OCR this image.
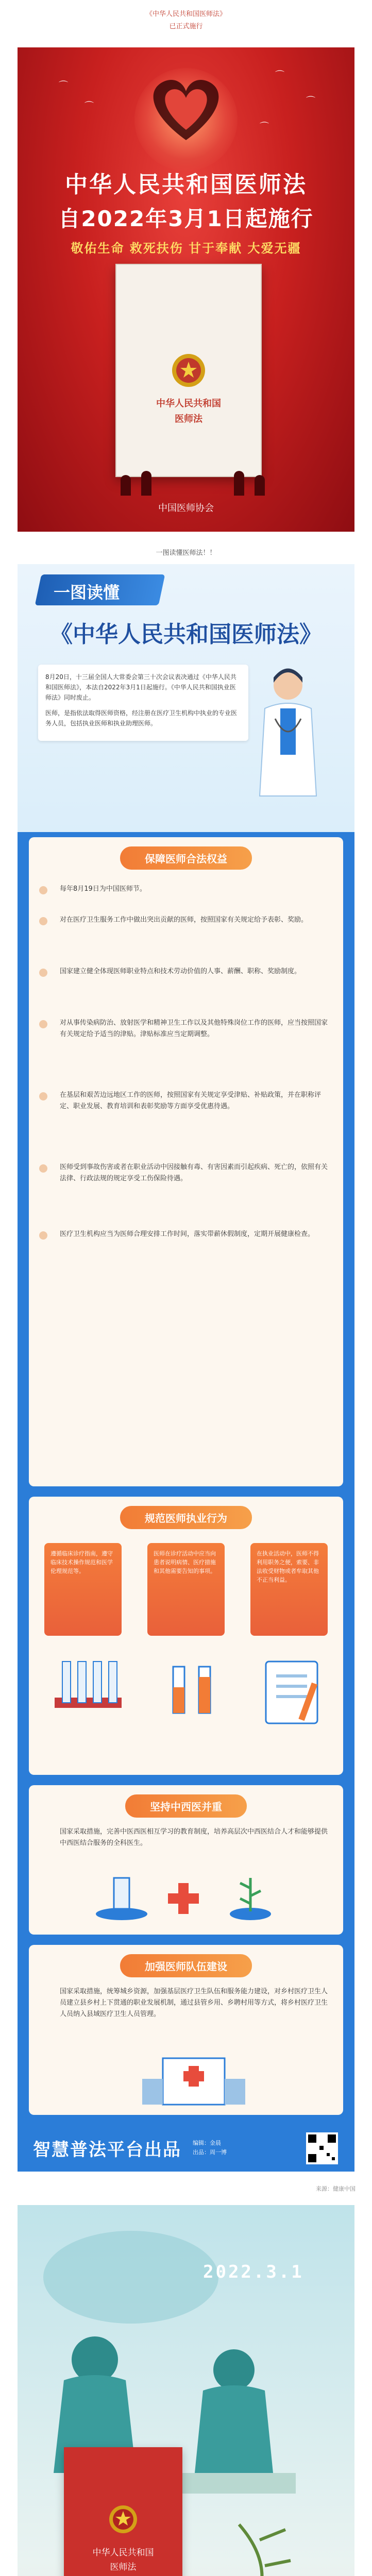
《中华人民共和国医师法》
已正式施行
⌒
⌒
⌒
⌒
⌒
中华人民共和国医师法
自2022年3月1日起施行
敬佑生命 救死扶伤 甘于奉献 大爱无疆
中华人民共和国
医师法
中国医师协会
一图读懂医师法！！
一图读懂
《中华人民共和国医师法》

8月20日，十三届全国人大常委会第三十次会议表决通过《中华人民共和国医师法》，本法自2022年3月1日起施行。《中华人民共和国执业医师法》同时废止。

医师，是指依法取得医师资格，经注册在医疗卫生机构中执业的专业医务人员，包括执业医师和执业助理医师。

保障医师合法权益
每年8月19日为中国医师节。
对在医疗卫生服务工作中做出突出贡献的医师，按照国家有关规定给予表彰、奖励。
国家建立健全体现医师职业特点和技术劳动价值的人事、薪酬、职称、奖励制度。
对从事传染病防治、放射医学和精神卫生工作以及其他特殊岗位工作的医师，应当按照国家有关规定给予适当的津贴。津贴标准应当定期调整。
在基层和艰苦边远地区工作的医师，按照国家有关规定享受津贴、补贴政策，并在职称评定、职业发展、教育培训和表彰奖励等方面享受优惠待遇。
医师受到事故伤害或者在职业活动中因接触有毒、有害因素而引起疾病、死亡的，依照有关法律、行政法规的规定享受工伤保险待遇。
医疗卫生机构应当为医师合理安排工作时间，落实带薪休假制度，定期开展健康检查。
规范医师执业行为
遵循临床诊疗指南，遵守临床技术操作规范和医学伦理规范等。
医师在诊疗活动中应当向患者说明病情、医疗措施和其他需要告知的事项。
在执业活动中，医师不得利用职务之便，索要、非法收受财物或者牟取其他不正当利益。
坚持中西医并重
国家采取措施，完善中医西医相互学习的教育制度，培养高层次中西医结合人才和能够提供中西医结合服务的全科医生。
加强医师队伍建设
国家采取措施，统筹城乡资源，加强基层医疗卫生队伍和服务能力建设，对乡村医疗卫生人员建立县乡村上下贯通的职业发展机制，通过县管乡用、乡聘村用等方式，将乡村医疗卫生人员纳入县域医疗卫生人员管理。
智慧普法平台出品 编辑：金晨
出品：周一博
来源：健康中国
2022.3.1
中华人民共和国
医师法
